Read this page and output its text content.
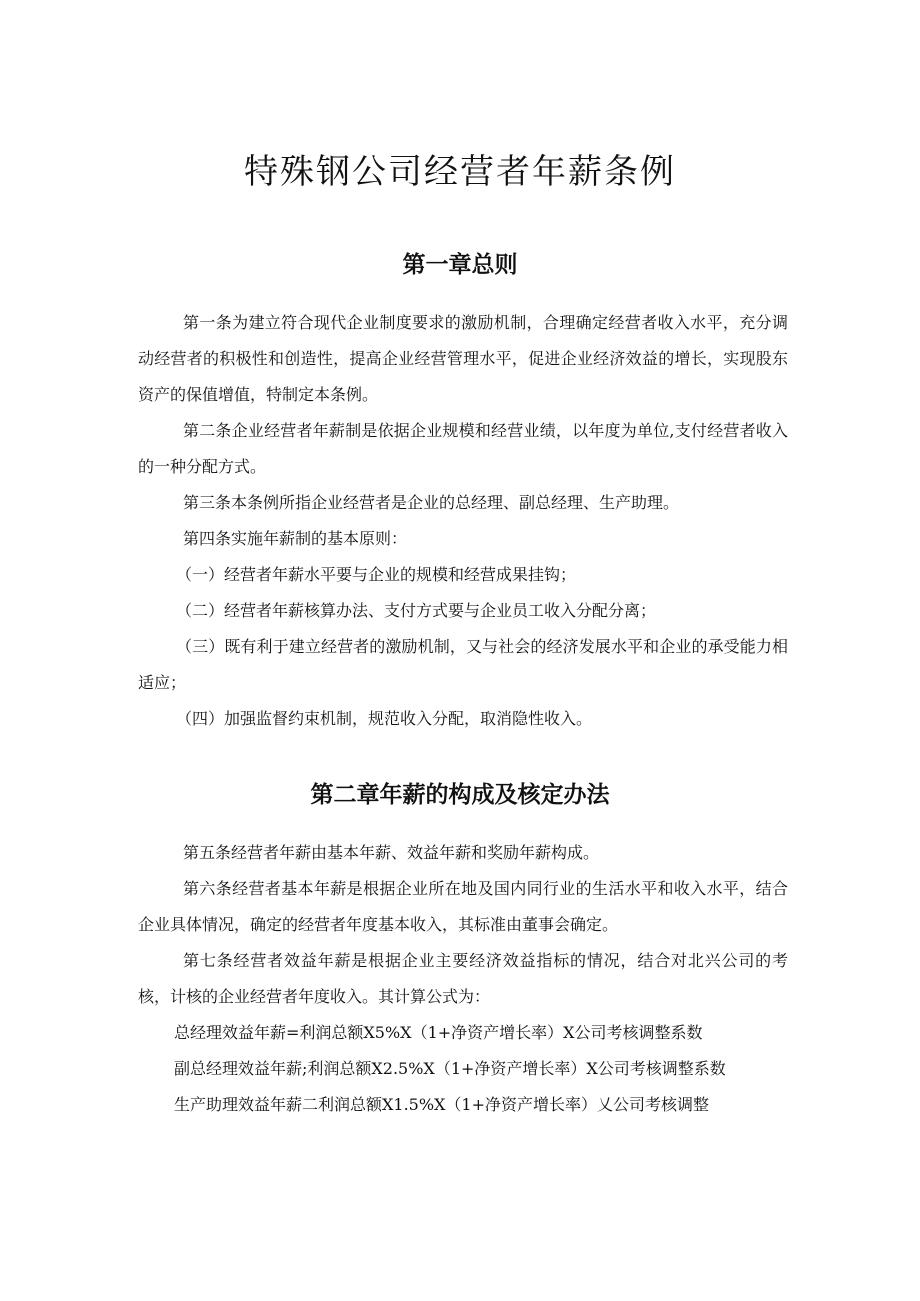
特殊钢公司经营者年薪条例
第一章总则

第一条为建立符合现代企业制度要求的激励机制，合理确定经营者收入水平，充分调动经营者的积极性和创造性，提高企业经营管理水平，促进企业经济效益的增长，实现股东资产的保值增值，特制定本条例。

第二条企业经营者年薪制是依据企业规模和经营业绩，以年度为单位,支付经营者收入的一种分配方式。

第三条本条例所指企业经营者是企业的总经理、副总经理、生产助理。

第四条实施年薪制的基本原则：

（一）经营者年薪水平要与企业的规模和经营成果挂钩；

（二）经营者年薪核算办法、支付方式要与企业员工收入分配分离；

（三）既有利于建立经营者的激励机制，又与社会的经济发展水平和企业的承受能力相适应；

（四）加强监督约束机制，规范收入分配，取消隐性收入。

第二章年薪的构成及核定办法

第五条经营者年薪由基本年薪、效益年薪和奖励年薪构成。

第六条经营者基本年薪是根据企业所在地及国内同行业的生活水平和收入水平，结合企业具体情况，确定的经营者年度基本收入，其标准由董事会确定。

第七条经营者效益年薪是根据企业主要经济效益指标的情况，结合对北兴公司的考核，计核的企业经营者年度收入。其计算公式为：

总经理效益年薪=利润总额X5%X（1+净资产增长率）X公司考核调整系数

副总经理效益年薪;利润总额X2.5%X（1+净资产增长率）X公司考核调整系数

生产助理效益年薪二利润总额X1.5%X（1+净资产增长率）乂公司考核调整
